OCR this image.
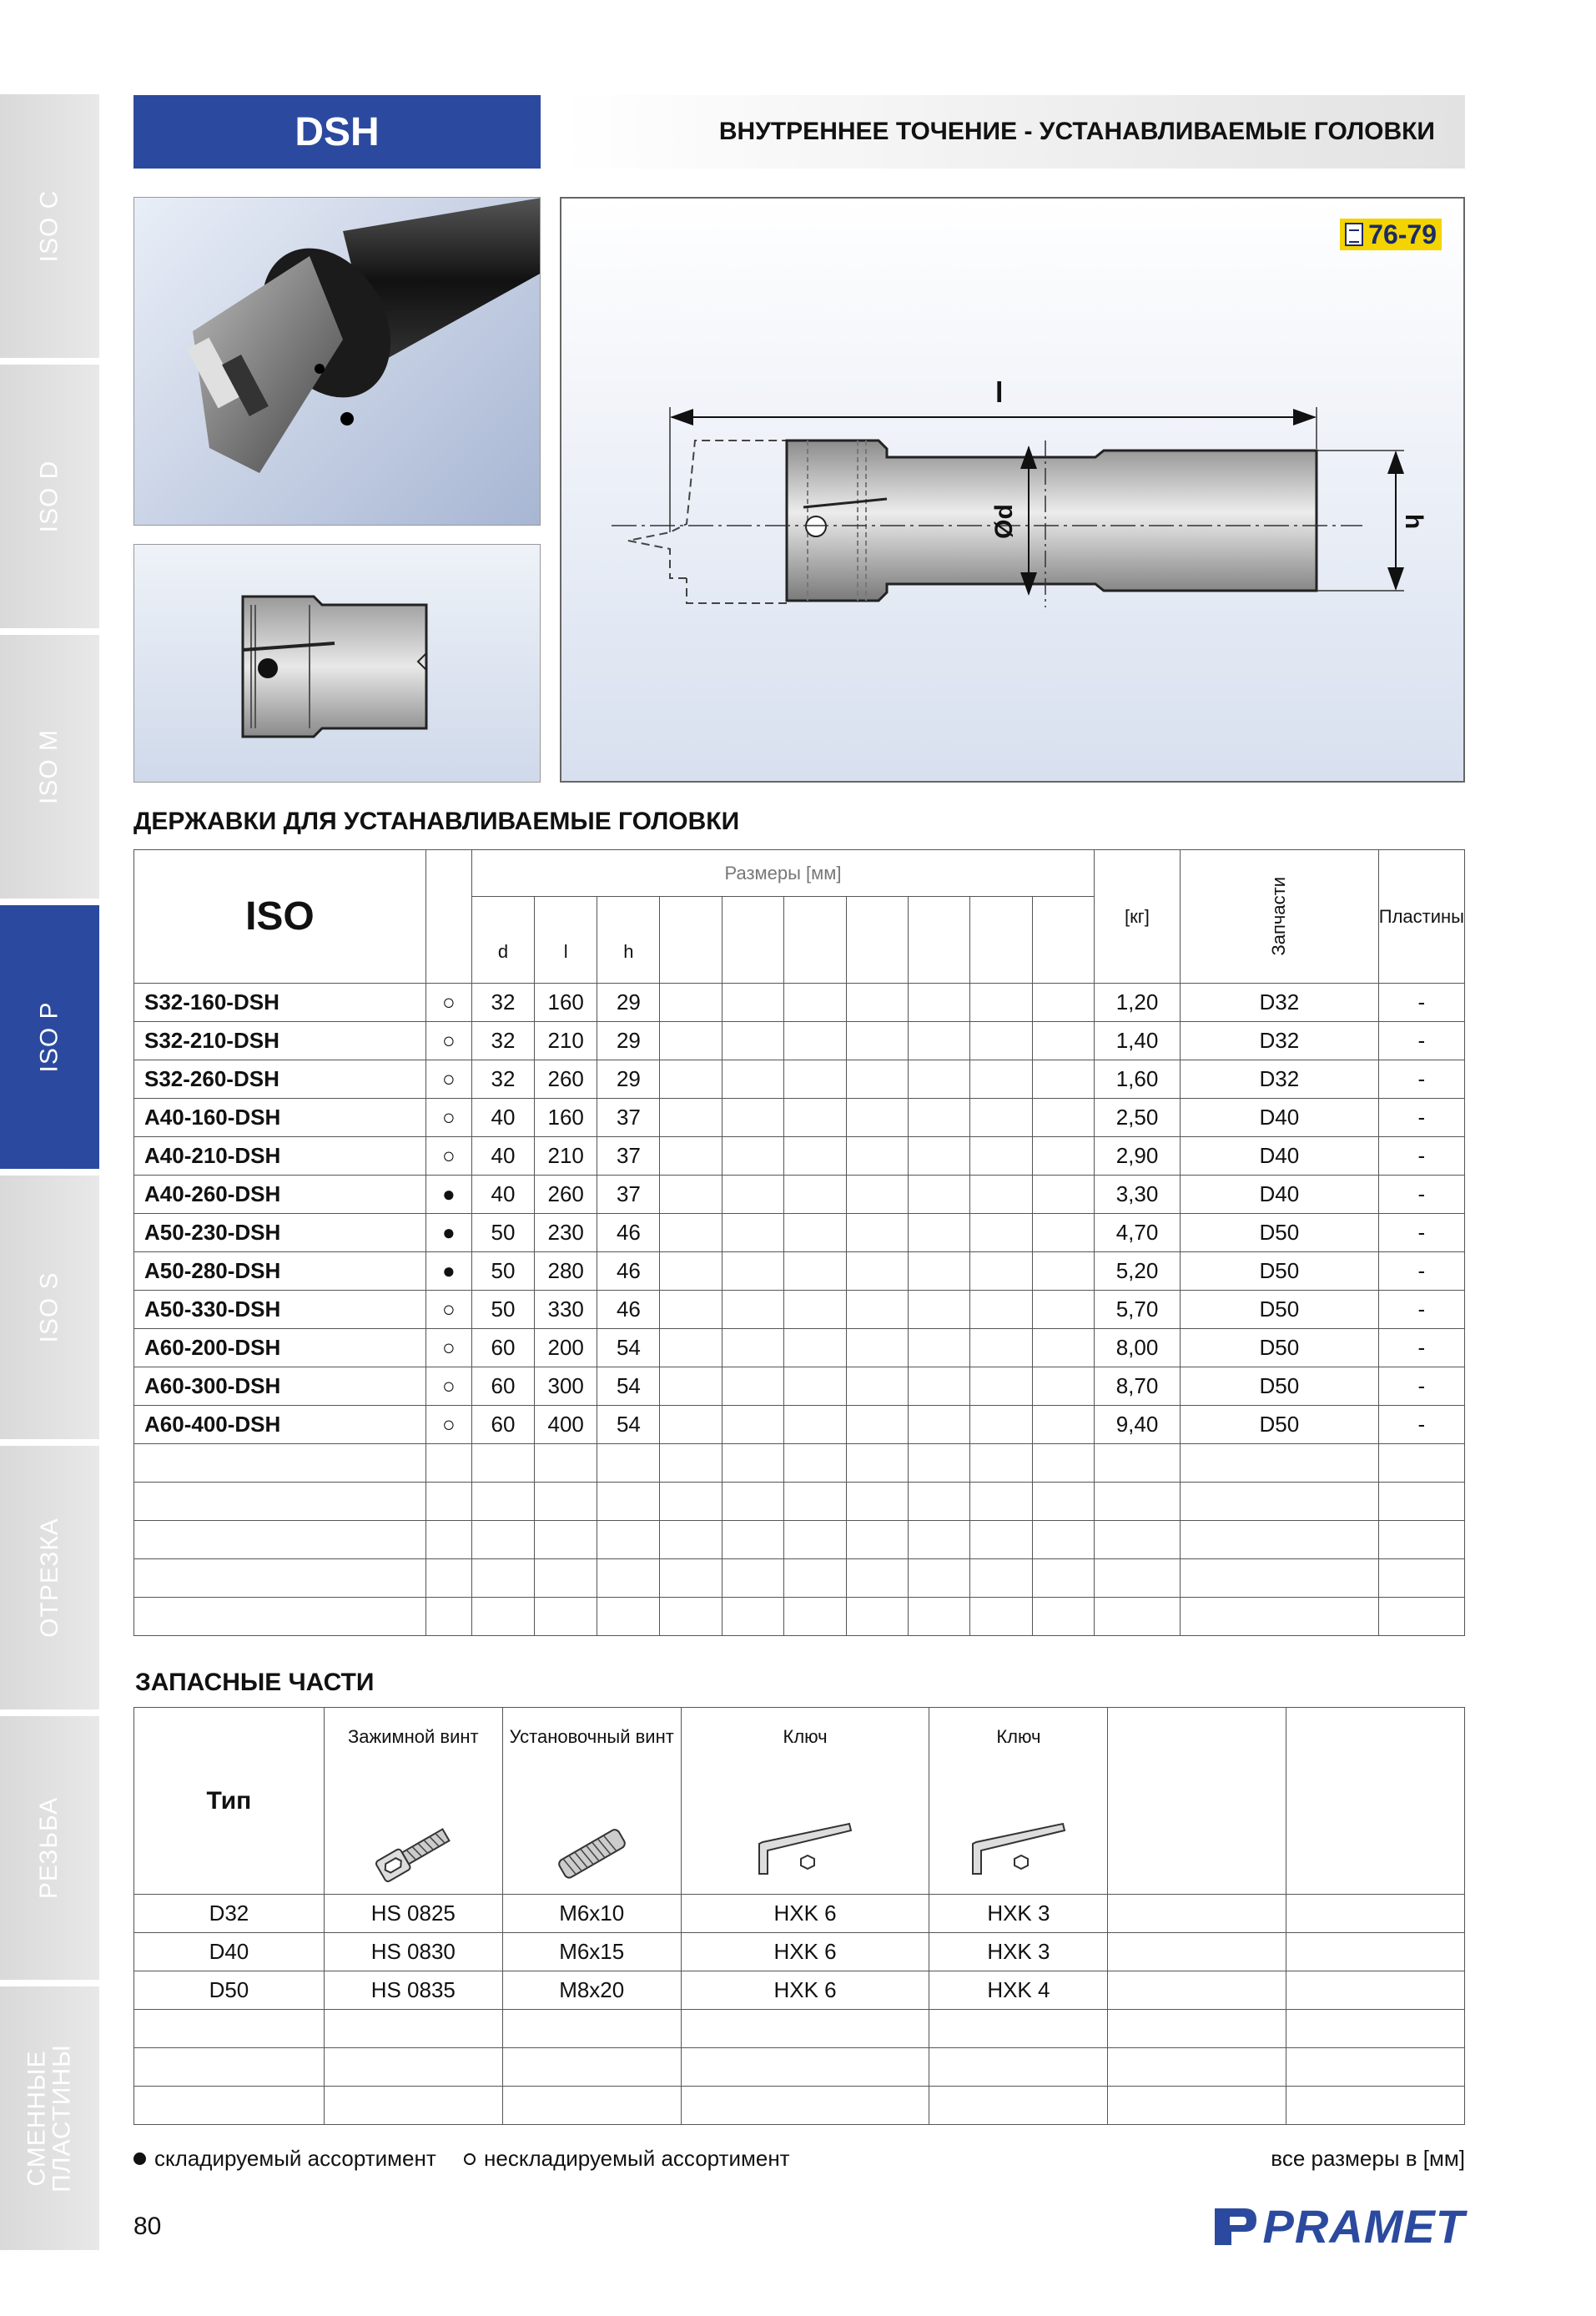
ISO C
ISO D
ISO M
ISO P
ISO S
ОТРЕЗКА
РЕЗЬБА
СМЕННЫЕ ПЛАСТИНЫ
DSH	ВНУТРЕННЕЕ ТОЧЕНИЕ - УСТАНАВЛИВАЕМЫЕ ГОЛОВКИ
76-79
l
Ød	h
ДЕРЖАВКИ ДЛЯ УСТАНАВЛИВАЕМЫЕ ГОЛОВКИ
ISO		Размеры [мм]										[кг]	Запчасти	Пластины
		d	l	h										
S32-160-DSH	○	32	160	29								1,20	D32	-
S32-210-DSH	○	32	210	29								1,40	D32	-
S32-260-DSH	○	32	260	29								1,60	D32	-
A40-160-DSH	○	40	160	37								2,50	D40	-
A40-210-DSH	○	40	210	37								2,90	D40	-
A40-260-DSH	●	40	260	37								3,30	D40	-
A50-230-DSH	●	50	230	46								4,70	D50	-
A50-280-DSH	●	50	280	46								5,20	D50	-
A50-330-DSH	○	50	330	46								5,70	D50	-
A60-200-DSH	○	60	200	54								8,00	D50	-
A60-300-DSH	○	60	300	54								8,70	D50	-
A60-400-DSH	○	60	400	54								9,40	D50	-

ЗАПАСНЫЕ ЧАСТИ
Тип	Зажимной винт	Установочный винт	Ключ	Ключ		

D32	HS 0825	M6x10	HXK 6	HXK 3		
D40	HS 0830	M6x15	HXK 6	HXK 3		
D50	HS 0835	M8x20	HXK 6	HXK 4		

складируемый ассортимент нескладируемый ассортимент	все размеры в [мм]
80	PRAMET
